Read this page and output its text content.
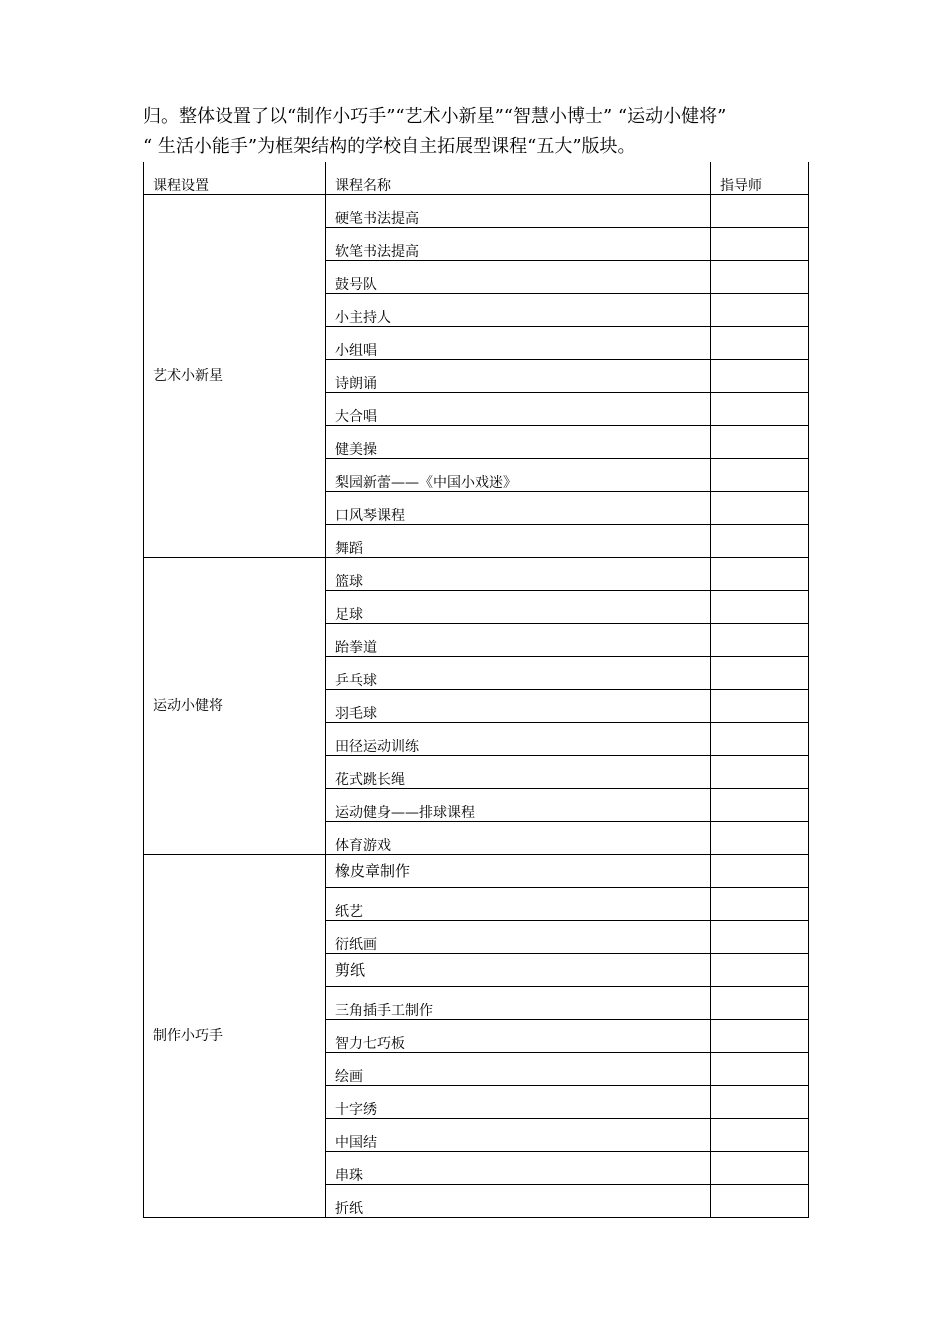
归。整体设置了以“制作小巧手”“艺术小新星”“智慧小博士” “运动小健将”

“ 生活小能手”为框架结构的学校自主拓展型课程“五大”版块。

课程设置	课程名称	指导师
艺术小新星	硬笔书法提高	
	软笔书法提高	
	鼓号队	
	小主持人	
	小组唱	
	诗朗诵	
	大合唱	
	健美操	
	梨园新蕾——《中国小戏迷》	
	口风琴课程	
	舞蹈	
运动小健将	篮球	
	足球	
	跆拳道	
	乒乓球	
	羽毛球	
	田径运动训练	
	花式跳长绳	
	运动健身——排球课程	
	体育游戏	
制作小巧手	橡皮章制作	
	纸艺	
	衍纸画	
	剪纸	
	三角插手工制作	
	智力七巧板	
	绘画	
	十字绣	
	中国结	
	串珠	
	折纸	
